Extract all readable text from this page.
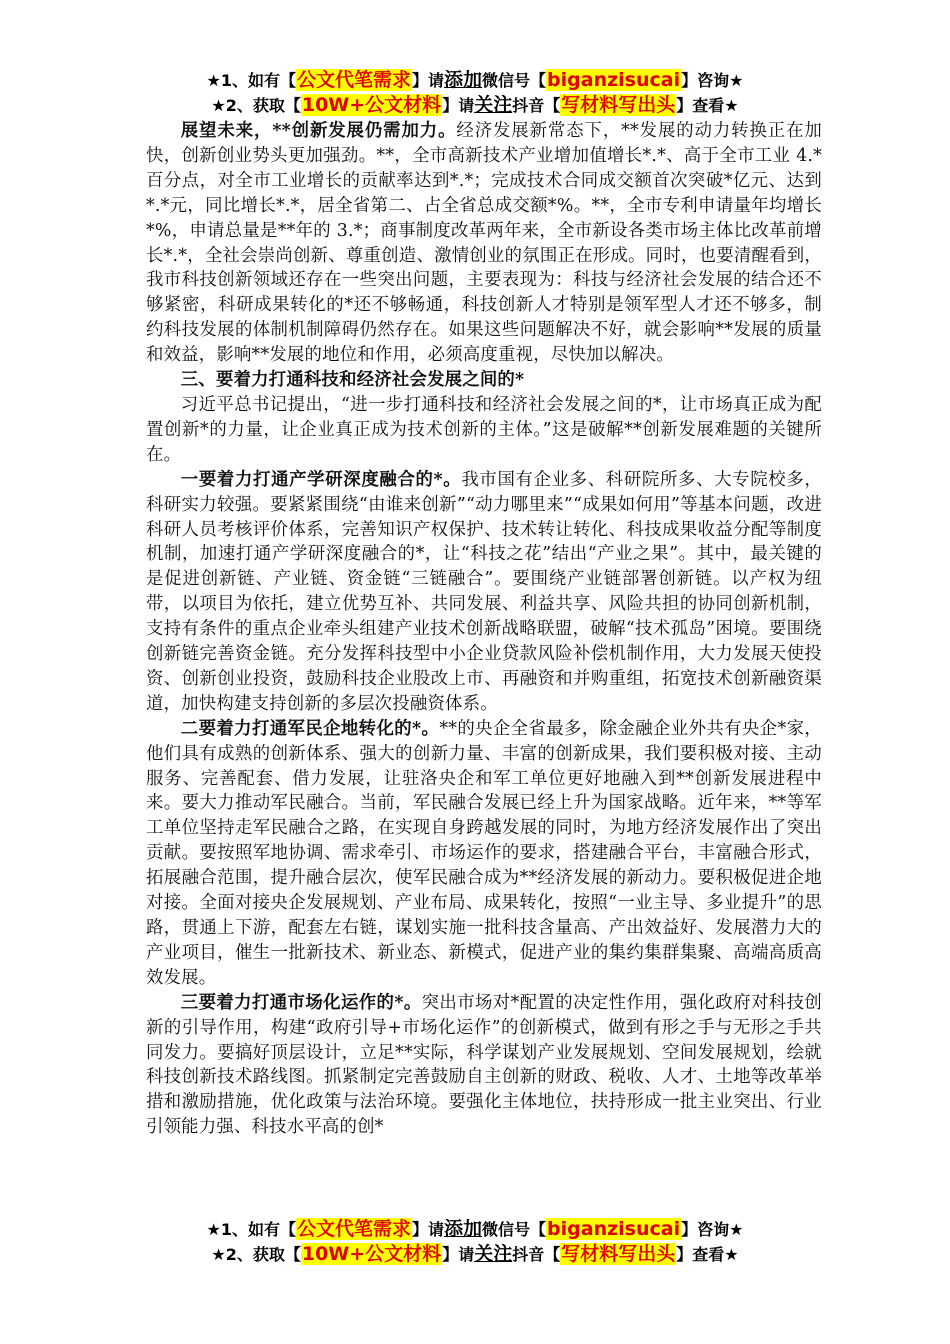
★1、如有【公文代笔需求】请添加微信号【biganzisucai】咨询★
★2、获取【10W+公文材料】请关注抖音【写材料写出头】查看★

展望未来，**创新发展仍需加力。经济发展新常态下，**发展的动力转换正在加快，创新创业势头更加强劲。**，全市高新技术产业增加值增长*.*、高于全市工业 4.*百分点，对全市工业增长的贡献率达到*.*；完成技术合同成交额首次突破*亿元、达到*.*元，同比增长*.*，居全省第二、占全省总成交额*%。**，全市专利申请量年均增长*%，申请总量是**年的 3.*；商事制度改革两年来，全市新设各类市场主体比改革前增长*.*，全社会崇尚创新、尊重创造、激情创业的氛围正在形成。同时，也要清醒看到，我市科技创新领域还存在一些突出问题，主要表现为：科技与经济社会发展的结合还不够紧密，科研成果转化的*还不够畅通，科技创新人才特别是领军型人才还不够多，制约科技发展的体制机制障碍仍然存在。如果这些问题解决不好，就会影响**发展的质量和效益，影响**发展的地位和作用，必须高度重视，尽快加以解决。

三、要着力打通科技和经济社会发展之间的*

习近平总书记提出，“进一步打通科技和经济社会发展之间的*，让市场真正成为配置创新*的力量，让企业真正成为技术创新的主体。”这是破解**创新发展难题的关键所在。

一要着力打通产学研深度融合的*。我市国有企业多、科研院所多、大专院校多，科研实力较强。要紧紧围绕“由谁来创新”“动力哪里来”“成果如何用”等基本问题，改进科研人员考核评价体系，完善知识产权保护、技术转让转化、科技成果收益分配等制度机制，加速打通产学研深度融合的*，让“科技之花”结出“产业之果”。其中，最关键的是促进创新链、产业链、资金链“三链融合”。要围绕产业链部署创新链。以产权为纽带，以项目为依托，建立优势互补、共同发展、利益共享、风险共担的协同创新机制，支持有条件的重点企业牵头组建产业技术创新战略联盟，破解“技术孤岛”困境。要围绕创新链完善资金链。充分发挥科技型中小企业贷款风险补偿机制作用，大力发展天使投资、创新创业投资，鼓励科技企业股改上市、再融资和并购重组，拓宽技术创新融资渠道，加快构建支持创新的多层次投融资体系。

二要着力打通军民企地转化的*。**的央企全省最多，除金融企业外共有央企*家，他们具有成熟的创新体系、强大的创新力量、丰富的创新成果，我们要积极对接、主动服务、完善配套、借力发展，让驻洛央企和军工单位更好地融入到**创新发展进程中来。要大力推动军民融合。当前，军民融合发展已经上升为国家战略。近年来，**等军工单位坚持走军民融合之路，在实现自身跨越发展的同时，为地方经济发展作出了突出贡献。要按照军地协调、需求牵引、市场运作的要求，搭建融合平台，丰富融合形式，拓展融合范围，提升融合层次，使军民融合成为**经济发展的新动力。要积极促进企地对接。全面对接央企发展规划、产业布局、成果转化，按照“一业主导、多业提升”的思路，贯通上下游，配套左右链，谋划实施一批科技含量高、产出效益好、发展潜力大的产业项目，催生一批新技术、新业态、新模式，促进产业的集约集群集聚、高端高质高效发展。

三要着力打通市场化运作的*。突出市场对*配置的决定性作用，强化政府对科技创新的引导作用，构建“政府引导+市场化运作”的创新模式，做到有形之手与无形之手共同发力。要搞好顶层设计，立足**实际，科学谋划产业发展规划、空间发展规划，绘就科技创新技术路线图。抓紧制定完善鼓励自主创新的财政、税收、人才、土地等改革举措和激励措施，优化政策与法治环境。要强化主体地位，扶持形成一批主业突出、行业引领能力强、科技水平高的创*

★1、如有【公文代笔需求】请添加微信号【biganzisucai】咨询★
★2、获取【10W+公文材料】请关注抖音【写材料写出头】查看★
